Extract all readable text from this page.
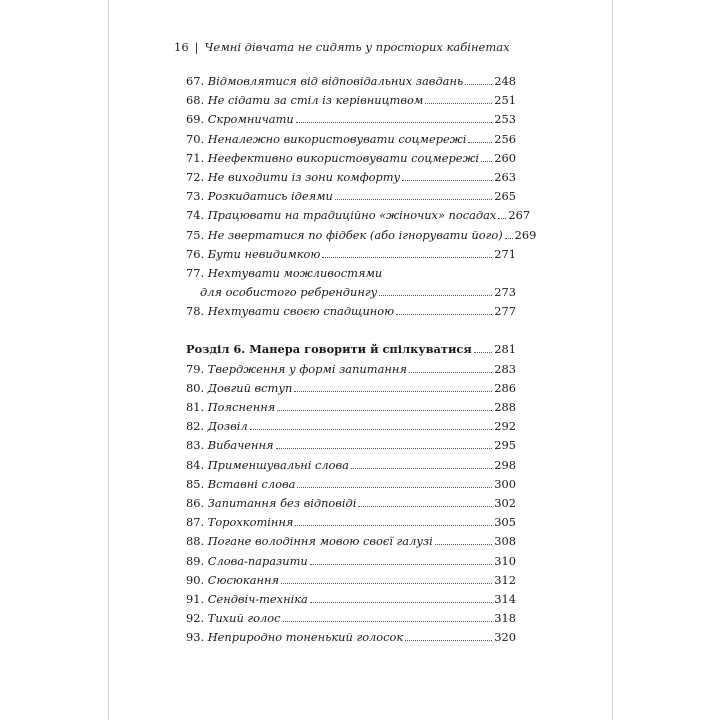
16 | Чемні дівчата не сидять у просторих кабінетах
67. Відмовлятися від відповідальних завдань	248
68. Не сідати за стіл із керівництвом	251
69. Скромничати	253
70. Неналежно використовувати соцмережі 256
71. Неефективно використовувати соцмережі 260
72. Не виходити із зони комфорту	263
73. Розкидатись ідеями	265
74. Працювати на традиційно «жіночих» посадах 267
75. Не звертатися по фідбек (або ігнорувати його) 269
76. Бути невидимкою	271
77. Нехтувати можливостями
для особистого ребрендингу	273
78. Нехтувати своєю спадщиною	277
Розділ 6. Манера говорити й спілкуватися 281
79. Твердження у формі запитання	283
80. Довгий вступ	286
81. Пояснення	288
82. Дозвіл	292
83. Вибачення	295
84. Применшувальні слова	298
85. Вставні слова	300
86. Запитання без відповіді	302
87. Торохкотіння	305
88. Погане володіння мовою своєї галузі	308
89. Слова-паразити	310
90. Сюсюкання	312
91. Сендвіч-техніка	314
92. Тихий голос	318
93. Неприродно тоненький голосок	320
